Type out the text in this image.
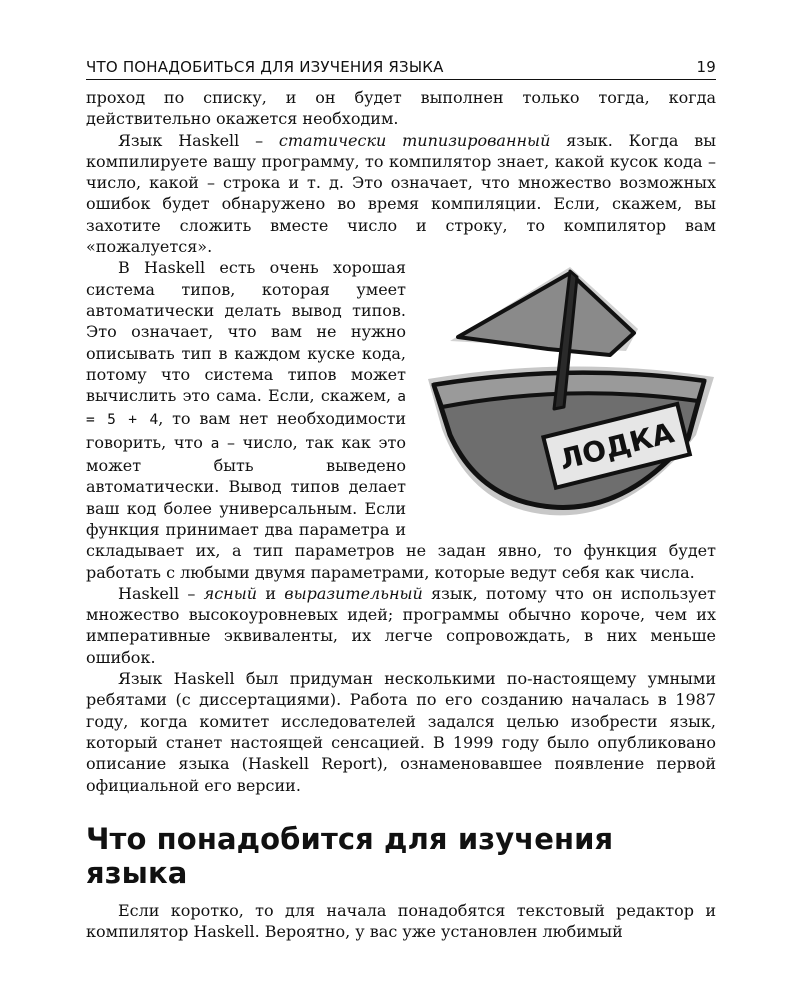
ЧТО ПОНАДОБИТЬСЯ ДЛЯ ИЗУЧЕНИЯ ЯЗЫКА	19

проход по списку, и он будет выполнен только тогда, когда действительно окажется необходим.

Язык Haskell – статически типизированный язык. Когда вы компилируете вашу программу, то компилятор знает, какой кусок кода – число, какой – строка и т. д. Это означает, что множество возможных ошибок будет обнаружено во время компиляции. Если, скажем, вы захотите сложить вместе число и строку, то компилятор вам «пожалуется».

ЛОДКА

В Haskell есть очень хорошая система типов, которая умеет автоматически делать вывод типов. Это означает, что вам не нужно описывать тип в каждом куске кода, потому что система типов может вычислить это сама. Если, скажем, a = 5 + 4, то вам нет необходимости говорить, что a – число, так как это может быть выведено автоматически. Вывод типов делает ваш код более универсальным. Если функция принимает два параметра и складывает их, а тип параметров не задан явно, то функция будет работать с любыми двумя параметрами, которые ведут себя как числа.

Haskell – ясный и выразительный язык, потому что он использует множество высокоуровневых идей; программы обычно короче, чем их императивные эквиваленты, их легче сопровождать, в них меньше ошибок.

Язык Haskell был придуман несколькими по-настоящему умными ребятами (с диссертациями). Работа по его созданию началась в 1987 году, когда комитет исследователей задался целью изобрести язык, который станет настоящей сенсацией. В 1999 году было опубликовано описание языка (Haskell Report), ознаменовавшее появление первой официальной его версии.

Что понадобится для изучения языка

Если коротко, то для начала понадобятся текстовый редактор и компилятор Haskell. Вероятно, у вас уже установлен любимый
